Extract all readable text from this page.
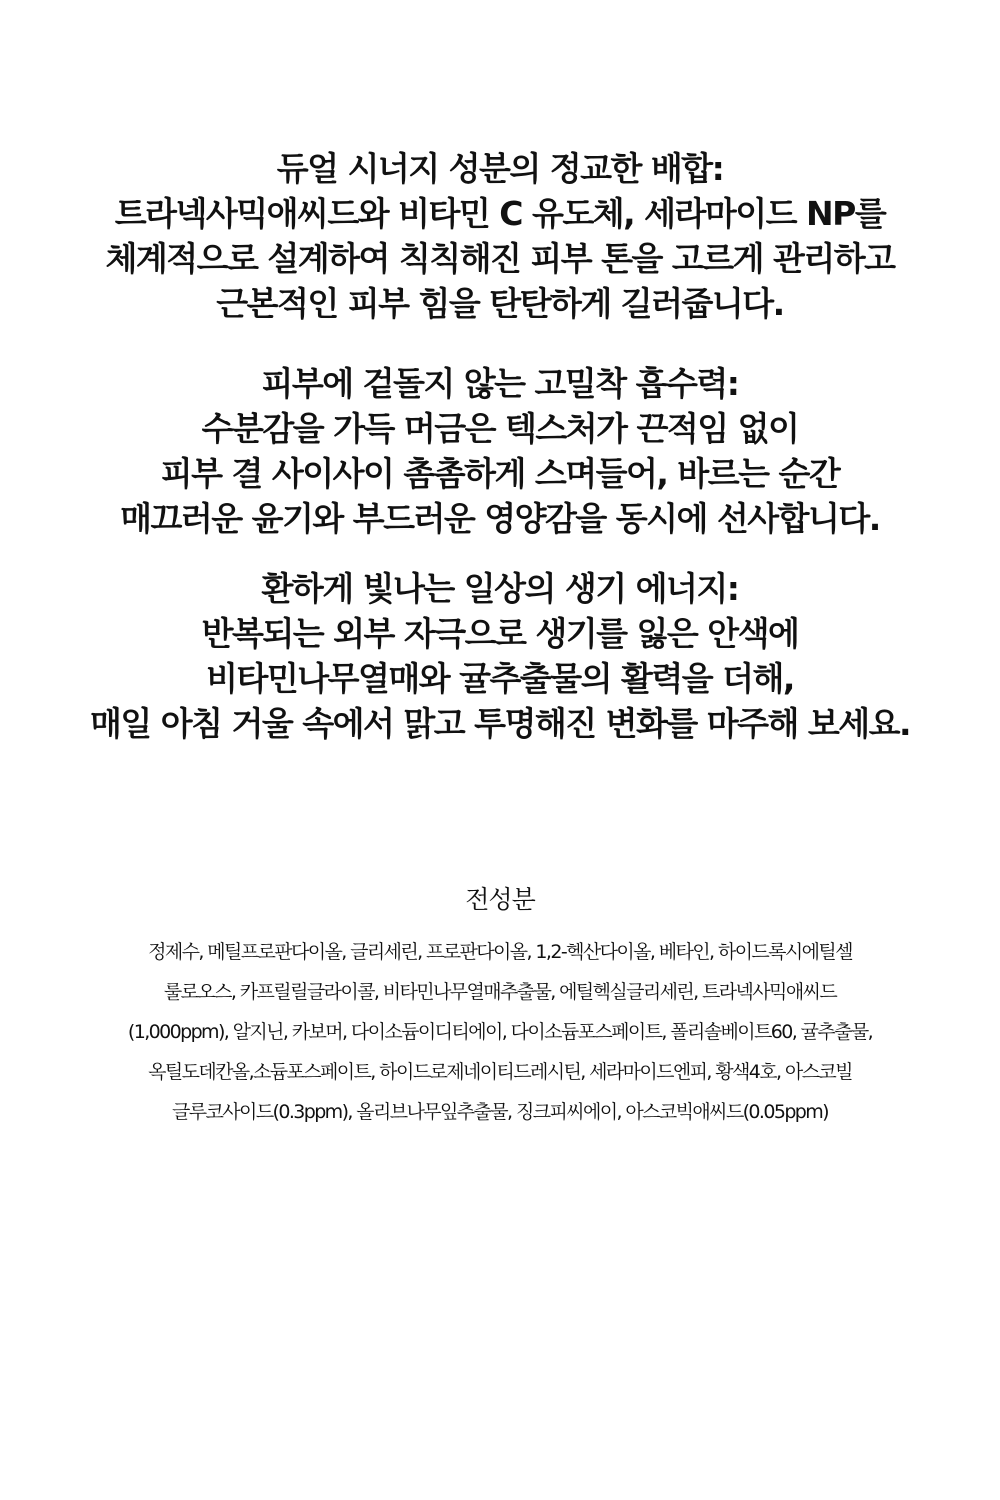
듀얼 시너지 성분의 정교한 배합:
트라넥사믹애씨드와 비타민 C 유도체, 세라마이드 NP를
체계적으로 설계하여 칙칙해진 피부 톤을 고르게 관리하고
근본적인 피부 힘을 탄탄하게 길러줍니다.
피부에 겉돌지 않는 고밀착 흡수력:
수분감을 가득 머금은 텍스처가 끈적임 없이
피부 결 사이사이 촘촘하게 스며들어, 바르는 순간
매끄러운 윤기와 부드러운 영양감을 동시에 선사합니다.
환하게 빛나는 일상의 생기 에너지:
반복되는 외부 자극으로 생기를 잃은 안색에
비타민나무열매와 귤추출물의 활력을 더해,
매일 아침 거울 속에서 맑고 투명해진 변화를 마주해 보세요.
전성분
정제수, 메틸프로판다이올, 글리세린, 프로판다이올, 1,2-헥산다이올, 베타인, 하이드록시에틸셀
룰로오스, 카프릴릴글라이콜, 비타민나무열매추출물, 에틸헥실글리세린, 트라넥사믹애씨드
(1,000ppm), 알지닌, 카보머, 다이소듐이디티에이, 다이소듐포스페이트, 폴리솔베이트60, 귤추출물,
옥틸도데칸올,소듐포스페이트, 하이드로제네이티드레시틴, 세라마이드엔피, 황색4호, 아스코빌
글루코사이드(0.3ppm), 올리브나무잎추출물, 징크피씨에이, 아스코빅애씨드(0.05ppm)
